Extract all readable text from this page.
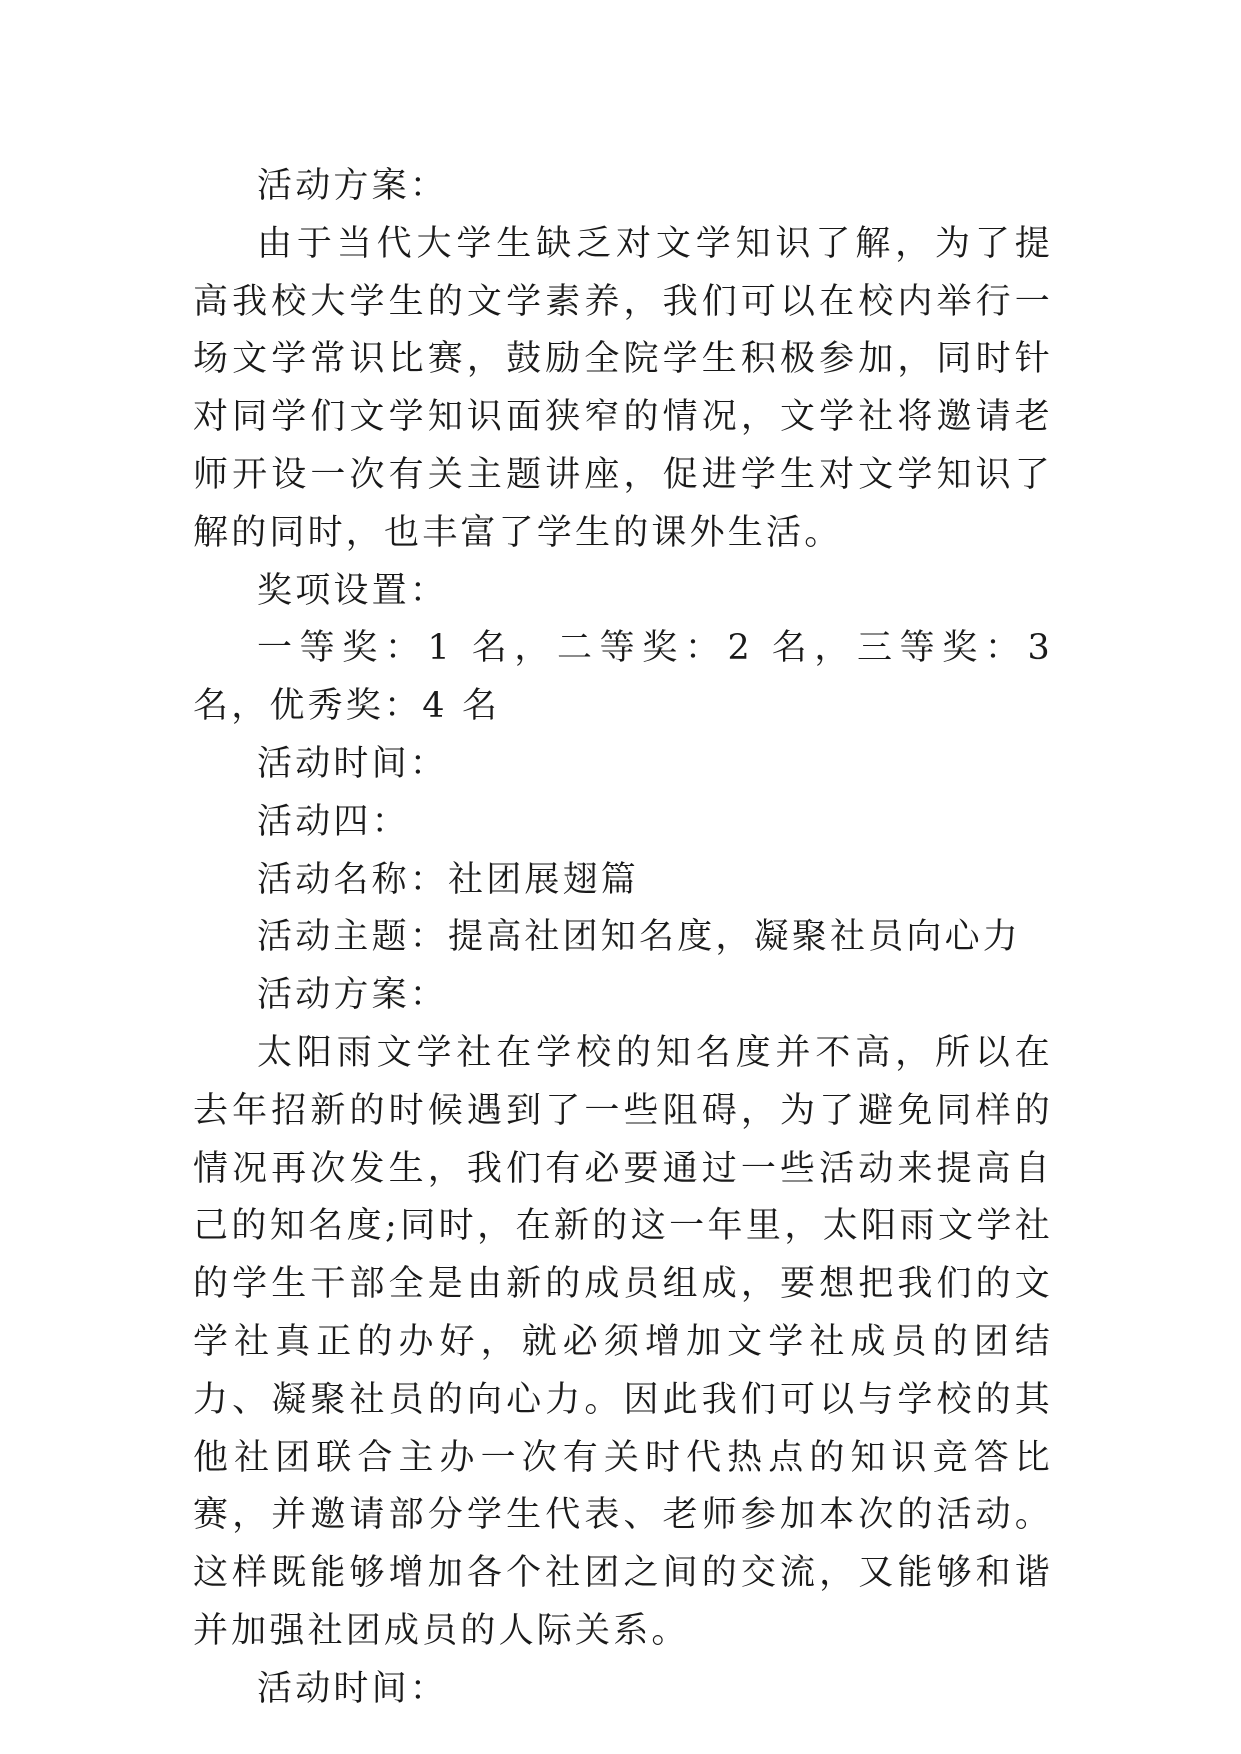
活动方案：

由于当代大学生缺乏对文学知识了解，为了提高我校大学生的文学素养，我们可以在校内举行一场文学常识比赛，鼓励全院学生积极参加，同时针对同学们文学知识面狭窄的情况，文学社将邀请老师开设一次有关主题讲座，促进学生对文学知识了解的同时，也丰富了学生的课外生活。

奖项设置：

一等奖：1 名，二等奖：2 名，三等奖：3 名，优秀奖：4 名

活动时间：

活动四：

活动名称：社团展翅篇

活动主题：提高社团知名度，凝聚社员向心力

活动方案：

太阳雨文学社在学校的知名度并不高，所以在去年招新的时候遇到了一些阻碍，为了避免同样的情况再次发生，我们有必要通过一些活动来提高自己的知名度;同时，在新的这一年里，太阳雨文学社的学生干部全是由新的成员组成，要想把我们的文学社真正的办好，就必须增加文学社成员的团结力、凝聚社员的向心力。因此我们可以与学校的其他社团联合主办一次有关时代热点的知识竞答比赛，并邀请部分学生代表、老师参加本次的活动。这样既能够增加各个社团之间的交流，又能够和谐并加强社团成员的人际关系。

活动时间：
